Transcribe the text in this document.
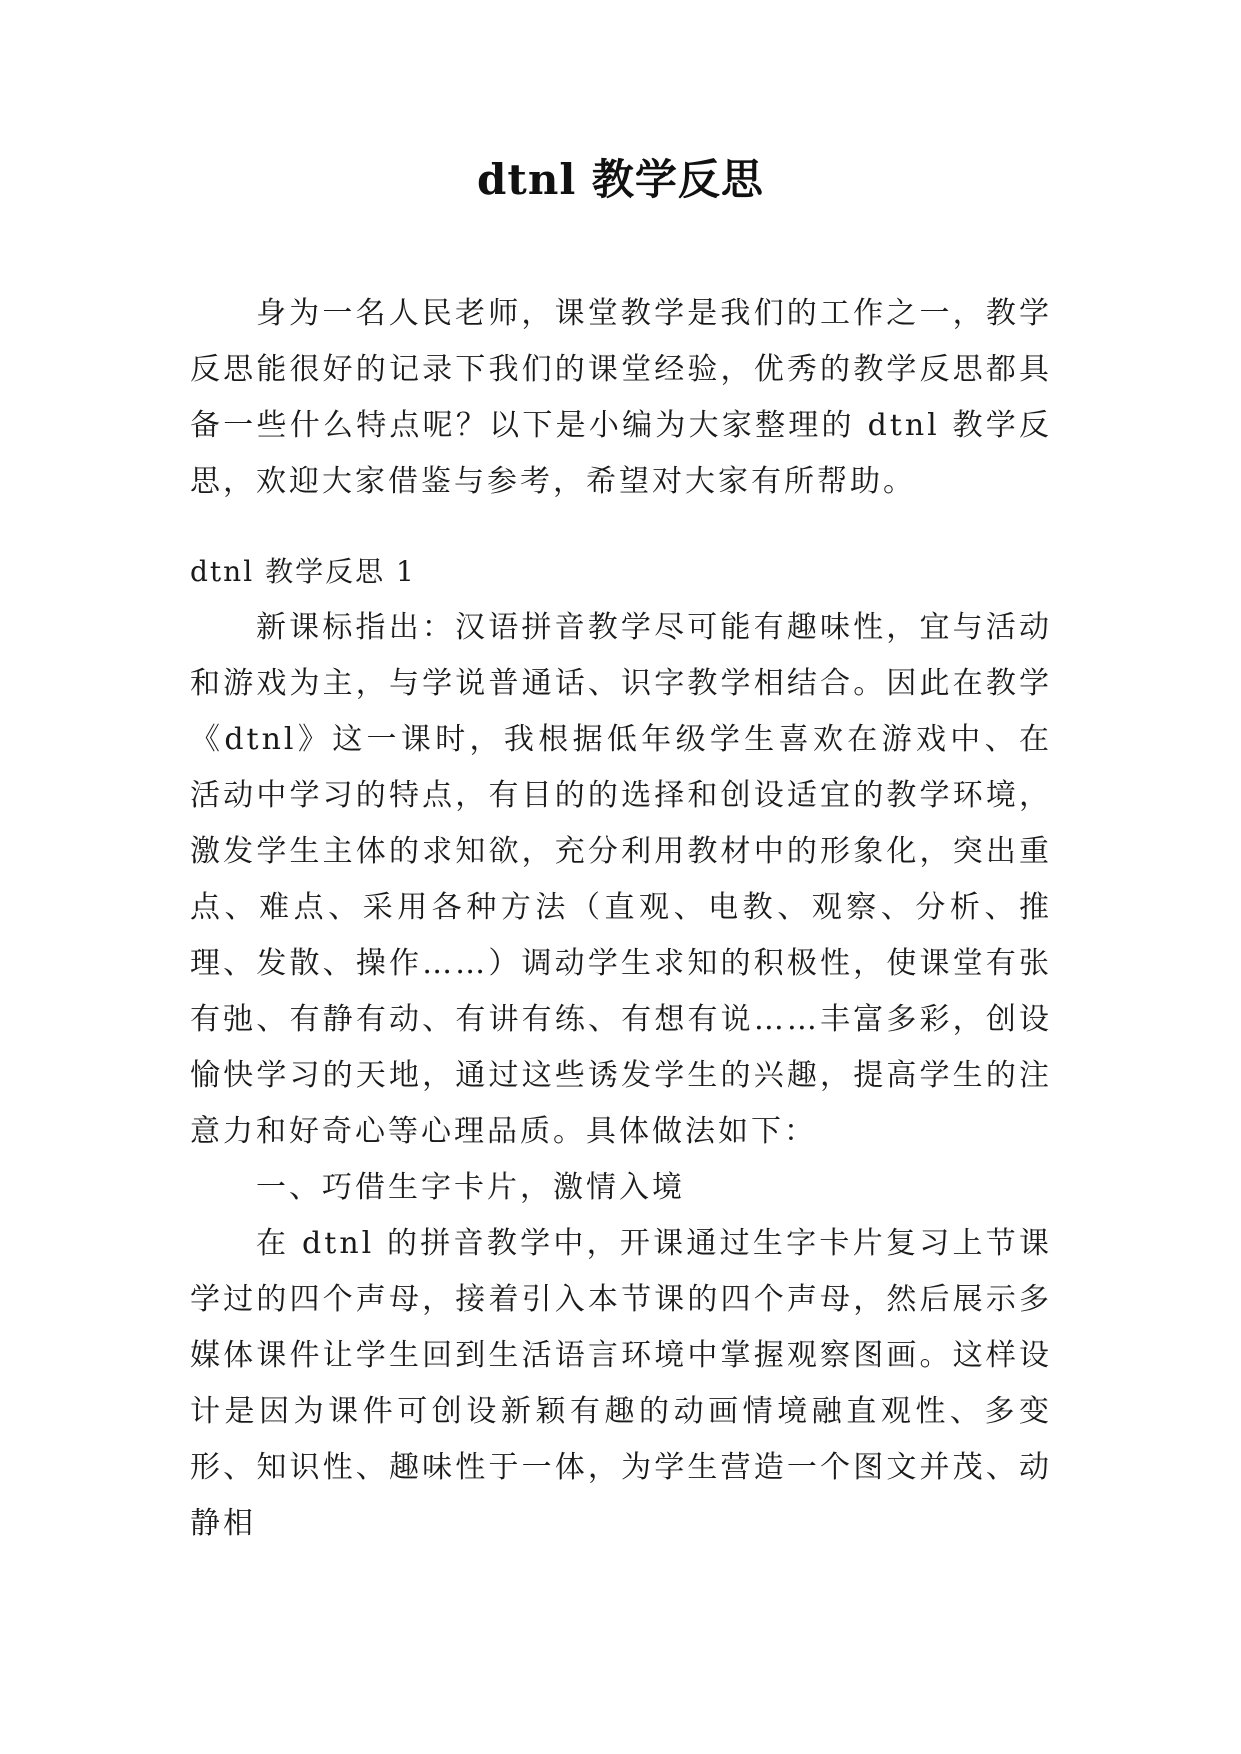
dtnl 教学反思

身为一名人民老师，课堂教学是我们的工作之一，教学反思能很好的记录下我们的课堂经验，优秀的教学反思都具备一些什么特点呢？以下是小编为大家整理的 dtnl 教学反思，欢迎大家借鉴与参考，希望对大家有所帮助。

dtnl 教学反思 1

新课标指出：汉语拼音教学尽可能有趣味性，宜与活动和游戏为主，与学说普通话、识字教学相结合。因此在教学《dtnl》这一课时，我根据低年级学生喜欢在游戏中、在活动中学习的特点，有目的的选择和创设适宜的教学环境，激发学生主体的求知欲，充分利用教材中的形象化，突出重点、难点、采用各种方法（直观、电教、观察、分析、推理、发散、操作……）调动学生求知的积极性，使课堂有张有弛、有静有动、有讲有练、有想有说……丰富多彩，创设愉快学习的天地，通过这些诱发学生的兴趣，提高学生的注意力和好奇心等心理品质。具体做法如下：

一、巧借生字卡片，激情入境

在 dtnl 的拼音教学中，开课通过生字卡片复习上节课学过的四个声母，接着引入本节课的四个声母，然后展示多媒体课件让学生回到生活语言环境中掌握观察图画。这样设计是因为课件可创设新颖有趣的动画情境融直观性、多变形、知识性、趣味性于一体，为学生营造一个图文并茂、动静相
